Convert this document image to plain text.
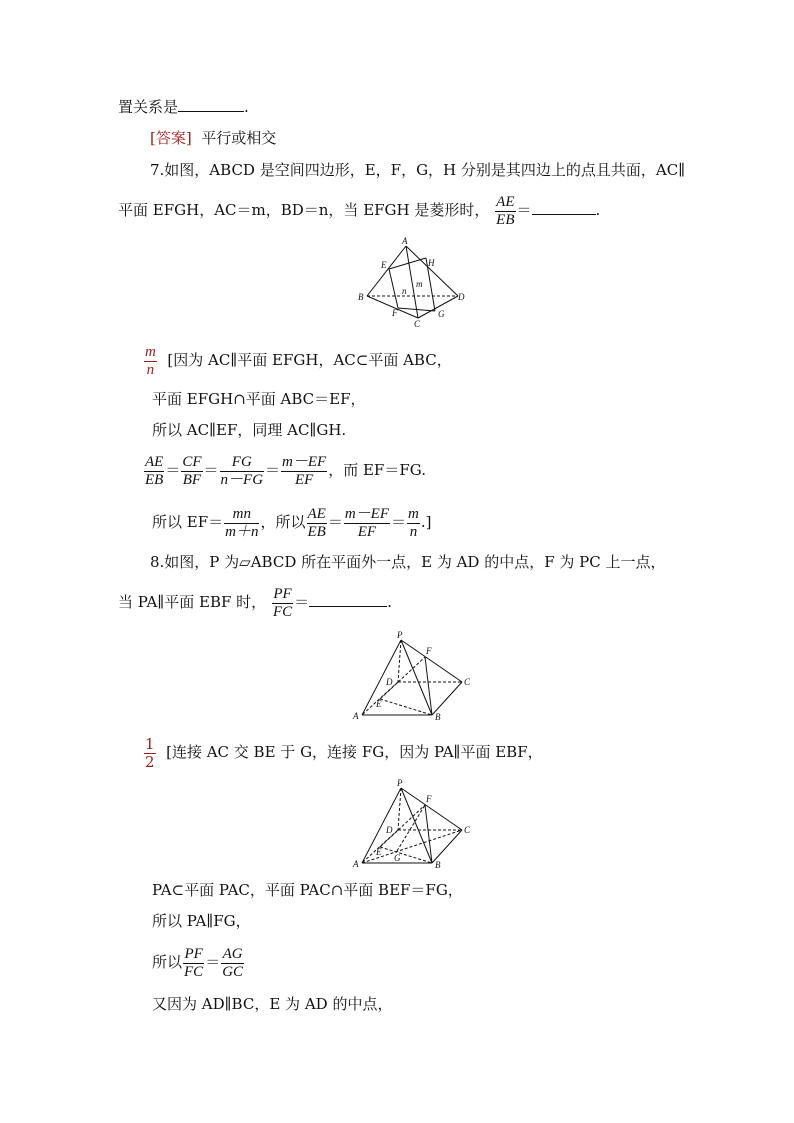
置关系是	.
[答案] 平行或相交
7.如图，ABCD 是空间四边形，E，F，G，H 分别是其四边上的点且共面，AC∥
平面 EFGH，AC＝m，BD＝n，当 EFGH 是菱形时， $\frac{AE}{EB}$ ＝	.
A
E	H
m
n
B	D
F
C
G
$\frac{m}{n}$ [因为 AC∥平面 EFGH，AC⊂平面 ABC，
平面 EFGH∩平面 ABC＝EF，
所以 AC∥EF，同理 AC∥GH.
$\frac{AE}{EB} = \frac{CF}{BF} = \frac{FG}{n-FG} = \frac{m-EF}{EF}$ ，而 EF＝FG.
所以 $EF= \frac{mn}{m+n}$ ，所以 $\frac{AE}{EB} = \frac{m-EF}{EF} = \frac{m}{n}$ .]
8.如图，P 为▱ABCD 所在平面外一点，E 为 AD 的中点，F 为 PC 上一点，
当 PA∥平面 EBF 时， $\frac{PF}{FC}$ ＝	.
P
F
D	C
E
A	B
$\frac{1}{2}$ [连接 AC 交 BE 于 G，连接 FG，因为 PA∥平面 EBF，
P
F
D	C
E
G
A	B
PA⊂平面 PAC，平面 PAC∩平面 BEF＝FG，
所以 PA∥FG，
所以 $\frac{PF}{FC} = \frac{AG}{GC}$
又因为 AD∥BC，E 为 AD 的中点，
